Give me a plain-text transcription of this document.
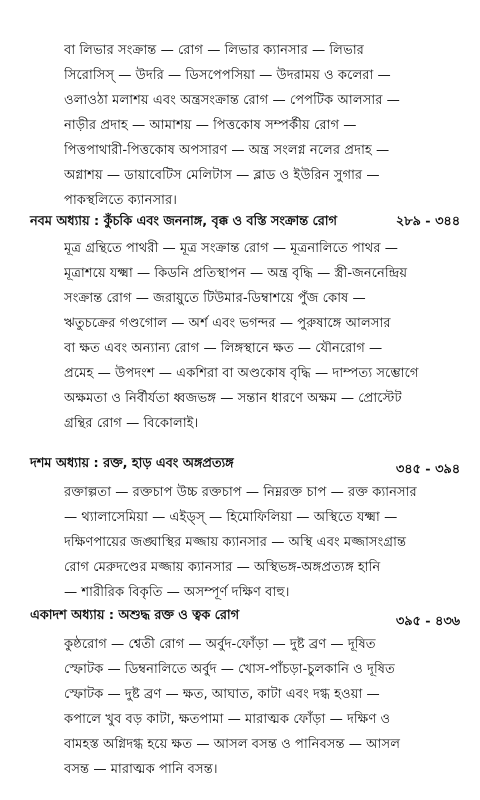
বা লিভার সংক্রান্ত — রোগ — লিভার ক্যানসার — লিভার
সিরোসিস্ — উদরি — ডিসপেপসিয়া — উদরাময় ও কলেরা —
ওলাওঠা মলাশয় এবং অন্ত্রসংক্রান্ত রোগ — পেপটিক আলসার —
নাড়ীর প্রদাহ — আমাশয় — পিত্তকোষ সম্পর্কীয় রোগ —
পিত্তপাথারী-পিত্তকোষ অপসারণ — অন্ত্র সংলগ্ন নলের প্রদাহ —
অগ্নাশয় — ডায়াবেটিস মেলিটাস — ব্লাড ও ইউরিন সুগার —
পাকস্থলিতে ক্যানসার।
নবম অধ্যায় : কুঁচকি এবং জননাঙ্গ, বৃক্ক ও বস্তি সংক্রান্ত রোগ	২৮৯ - ৩৪৪
মূত্র গ্রন্থিতে পাথরী — মূত্র সংক্রান্ত রোগ — মূত্রনালিতে পাথর —
মূত্রাশয়ে যক্ষ্মা — কিডনি প্রতিস্থাপন — অন্ত্র বৃদ্ধি — স্ত্রী-জননেন্দ্রিয়
সংক্রান্ত রোগ — জরায়ুতে টিউমার-ডিম্বাশয়ে পুঁজ কোষ —
ঋতুচক্রের গণ্ডগোল — অর্শ এবং ভগন্দর — পুরুষাঙ্গে আলসার
বা ক্ষত এবং অন্যান্য রোগ — লিঙ্গস্থানে ক্ষত — যৌনরোগ —
প্রমেহ — উপদংশ — একশিরা বা অণ্ডকোষ বৃদ্ধি — দাম্পত্য সম্ভোগে
অক্ষমতা ও নির্বীর্যতা ধ্বজভঙ্গ — সন্তান ধারণে অক্ষম — প্রোস্টেট
গ্রন্থির রোগ — বিকোলাই।
দশম অধ্যায় : রক্ত, হাড় এবং অঙ্গপ্রত্যঙ্গ	৩৪৫ - ৩৯৪
রক্তাল্পতা — রক্তচাপ উচ্চ রক্তচাপ — নিম্নরক্ত চাপ — রক্ত ক্যানসার
— থ্যালাসেমিয়া — এইড্স্ — হিমোফিলিয়া — অস্থিতে যক্ষ্মা —
দক্ষিণপায়ের জঙ্ঘাস্থির মজ্জায় ক্যানসার — অস্থি এবং মজ্জাসংগ্রান্ত
রোগ মেরুদণ্ডের মজ্জায় ক্যানসার — অস্থিভঙ্গ-অঙ্গপ্রত্যঙ্গ হানি
— শারীরিক বিকৃতি — অসম্পূর্ণ দক্ষিণ বাহু।
একাদশ অধ্যায় : অশুদ্ধ রক্ত ও ত্বক রোগ	৩৯৫ - ৪৩৬
কুষ্ঠরোগ — শ্বেতী রোগ — অর্বুদ-ফোঁড়া — দুষ্ট ব্রণ — দূষিত
স্ফোটক — ডিম্বনালিতে অর্বুদ — খোস-পাঁচড়া-চুলকানি ও দূষিত
স্ফোটক — দুষ্ট ব্রণ — ক্ষত, আঘাত, কাটা এবং দগ্ধ হওয়া —
কপালে খুব বড় কাটা, ক্ষতপামা — মারাত্মক ফোঁড়া — দক্ষিণ ও
বামহস্ত অগ্নিদগ্ধ হয়ে ক্ষত — আসল বসন্ত ও পানিবসন্ত — আসল
বসন্ত — মারাত্মক পানি বসন্ত।
